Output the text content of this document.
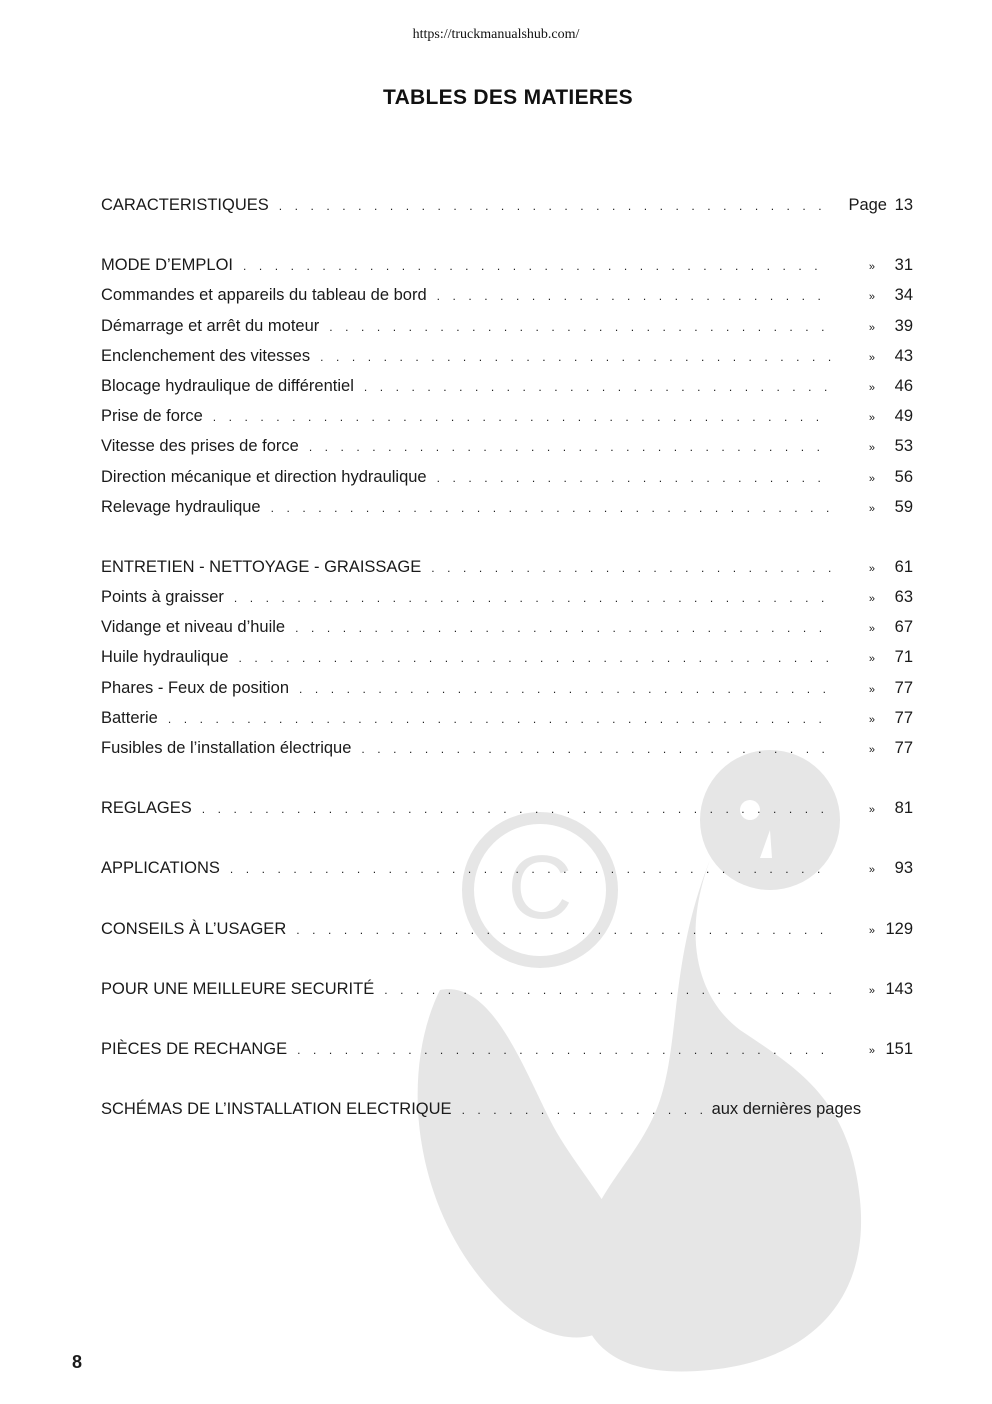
C
https://truckmanualshub.com/
TABLES DES MATIERES
CARACTERISTIQUES . . .	Page 13
MODE D’EMPLOI . . .	»	31
Commandes et appareils du tableau de bord . . .	»	34
Démarrage et arrêt du moteur . . .	»	39
Enclenchement des vitesses . . .	»	43
Blocage hydraulique de différentiel . . .	»	46
Prise de force . . .	»	49
Vitesse des prises de force . . .	»	53
Direction mécanique et direction hydraulique . . .	»	56
Relevage hydraulique . . .	»	59
ENTRETIEN - NETTOYAGE - GRAISSAGE . . .	»	61
Points à graisser . . .	»	63
Vidange et niveau d’huile . . .	»	67
Huile hydraulique . . .	»	71
Phares - Feux de position . . .	»	77
Batterie . . .	»	77
Fusibles de l’installation électrique . . .	»	77
REGLAGES . . .	»	81
APPLICATIONS . . .	»	93
CONSEILS À L’USAGER . . .	» 129
POUR UNE MEILLEURE SECURITÉ . . .	» 143
PIÈCES DE RECHANGE . . .	» 151
SCHÉMAS DE L’INSTALLATION ELECTRIQUE . . .	aux dernières pages
8
